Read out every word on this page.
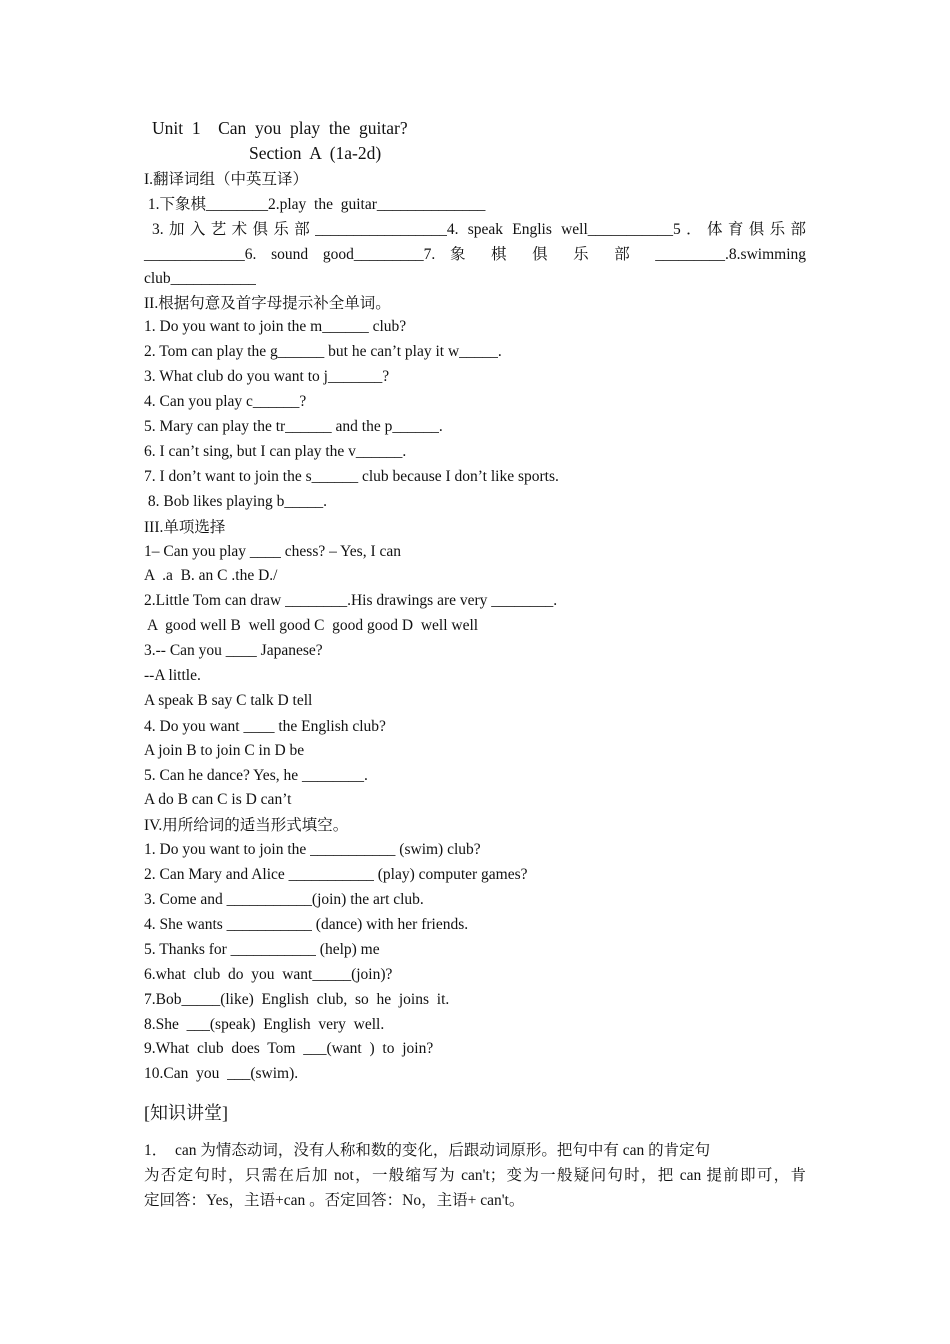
Unit  1    Can  you  play  the  guitar?
Section  A  (1a-2d)
I.翻译词组（中英互译）
1.下象棋________2.play  the  guitar______________
3.加入艺术俱乐部_________________4. speak Englis well___________5．体育俱乐部
_____________6. sound good_________7. 象 棋 俱 乐 部 _________.8.swimming
club___________
II.根据句意及首字母提示补全单词。
1. Do you want to join the m______ club?
2. Tom can play the g______ but he can’t play it w_____.
3. What club do you want to j_______?
4. Can you play c______?
5. Mary can play the tr______ and the p______.
6. I can’t sing, but I can play the v______.
7. I don’t want to join the s______ club because I don’t like sports.
8. Bob likes playing b_____.
III.单项选择
1– Can you play ____ chess? – Yes, I can
A  .a  B. an C .the D./
2.Little Tom can draw ________.His drawings are very ________.
A  good well B  well good C  good good D  well well
3.-- Can you ____ Japanese?
--A little.
A speak B say C talk D tell
4. Do you want ____ the English club?
A join B to join C in D be
5. Can he dance? Yes, he ________.
A do B can C is D can’t
IV.用所给词的适当形式填空。
1. Do you want to join the ___________ (swim) club?
2. Can Mary and Alice ___________ (play) computer games?
3. Come and ___________(join) the art club.
4. She wants ___________ (dance) with her friends.
5. Thanks for ___________ (help) me
6.what  club  do  you  want_____(join)?
7.Bob_____(like)  English  club,  so  he  joins  it.
8.She  ___(speak)  English  very  well.
9.What  club  does  Tom  ___(want  )  to  join?
10.Can  you  ___(swim).
[知识讲堂]
1．  can 为情态动词，没有人称和数的变化，后跟动词原形。把句中有 can 的肯定句
为否定句时，只需在后加 not，一般缩写为 can't；变为一般疑问句时，把 can 提前即可，肯
定回答：Yes，主语+can 。否定回答：No，主语+ can't。
